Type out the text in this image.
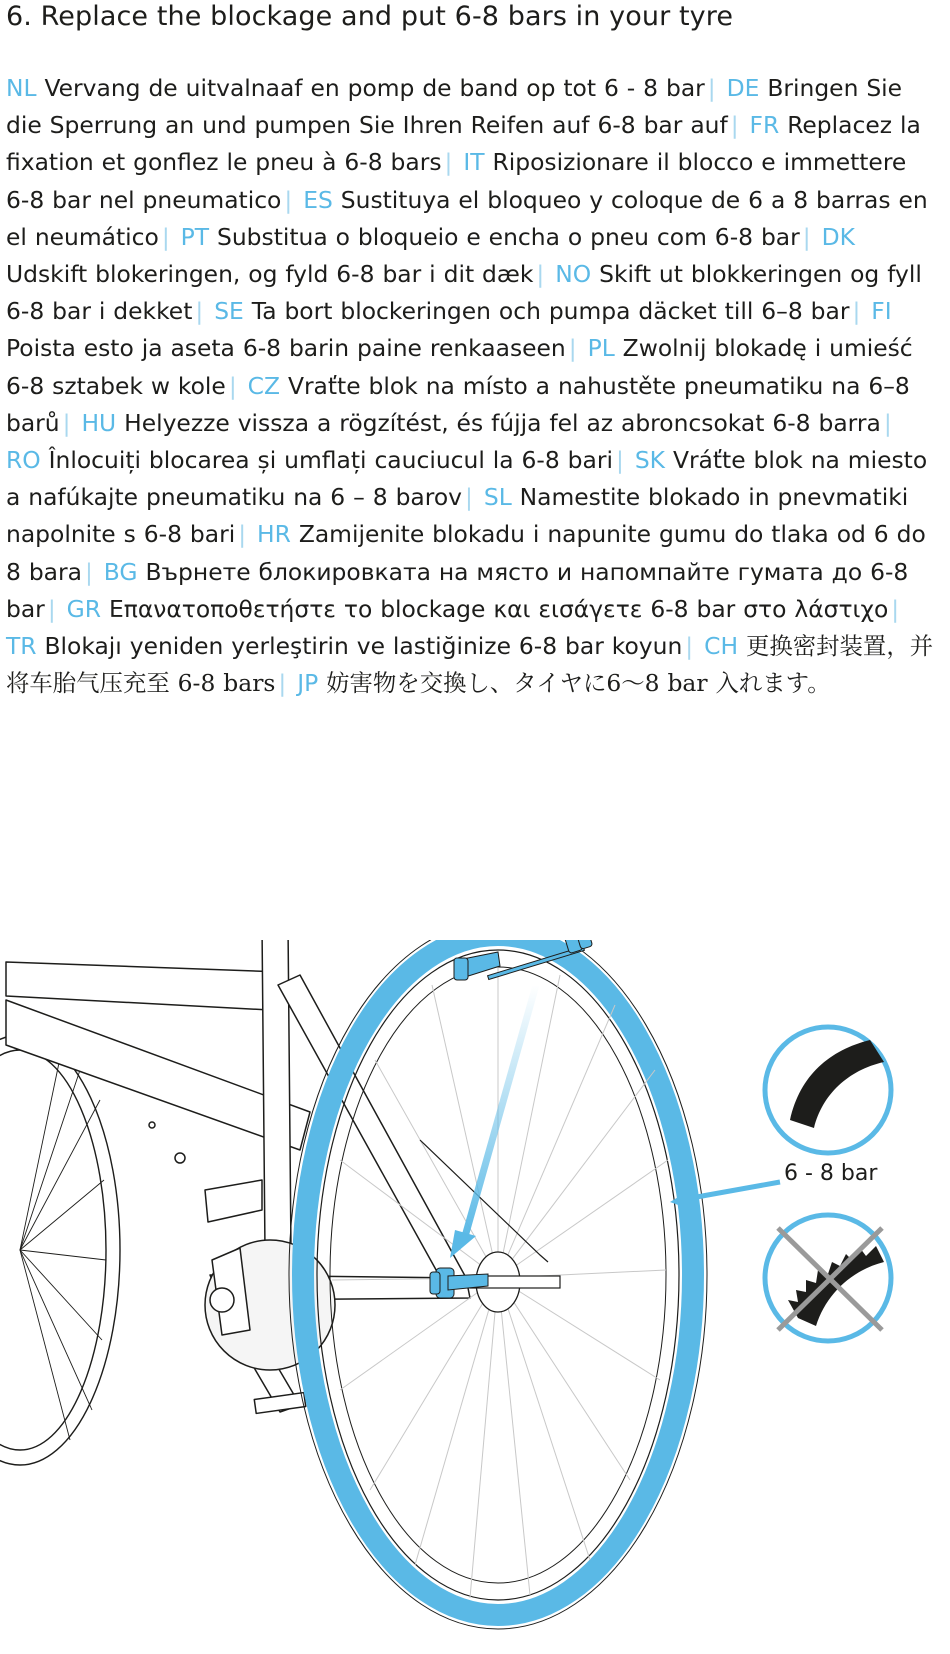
6. Replace the blockage and put 6-8 bars in your tyre

NL Vervang de uitvalnaaf en pomp de band op tot 6 - 8 bar | DE Bringen Sie die Sperrung an und pumpen Sie Ihren Reifen auf 6-8 bar auf | FR Replacez la fixation et gonflez le pneu à 6-8 bars | IT Riposizionare il blocco e immettere 6-8 bar nel pneumatico | ES Sustituya el bloqueo y coloque de 6 a 8 barras en el neumático | PT Substitua o bloqueio e encha o pneu com 6-8 bar | DK Udskift blokeringen, og fyld 6-8 bar i dit dæk | NO Skift ut blokkeringen og fyll 6-8 bar i dekket | SE Ta bort blockeringen och pumpa däcket till 6–8 bar | FI Poista esto ja aseta 6-8 barin paine renkaaseen | PL Zwolnij blokadę i umieść 6-8 sztabek w kole | CZ Vraťte blok na místo a nahustěte pneumatiku na 6–8 barů | HU Helyezze vissza a rögzítést, és fújja fel az abroncsokat 6-8 barra | RO Înlocuiți blocarea și umflați cauciucul la 6-8 bari | SK Vráťte blok na miesto a nafúkajte pneumatiku na 6 – 8 barov | SL Namestite blokado in pnevmatiki napolnite s 6-8 bari | HR Zamijenite blokadu i napunite gumu do tlaka od 6 do 8 bara | BG Върнете блокировката на място и напомпайте гумата до 6-8 bar | GR Επανατοποθετήστε το blockage και εισάγετε 6-8 bar στο λάστιχο | TR Blokajı yeniden yerleştirin ve lastiğinize 6-8 bar koyun | CH 更换密封装置，并将车胎气压充至 6-8 bars | JP 妨害物を交換し、タイヤに6〜8 bar 入れます。

6 - 8 bar
